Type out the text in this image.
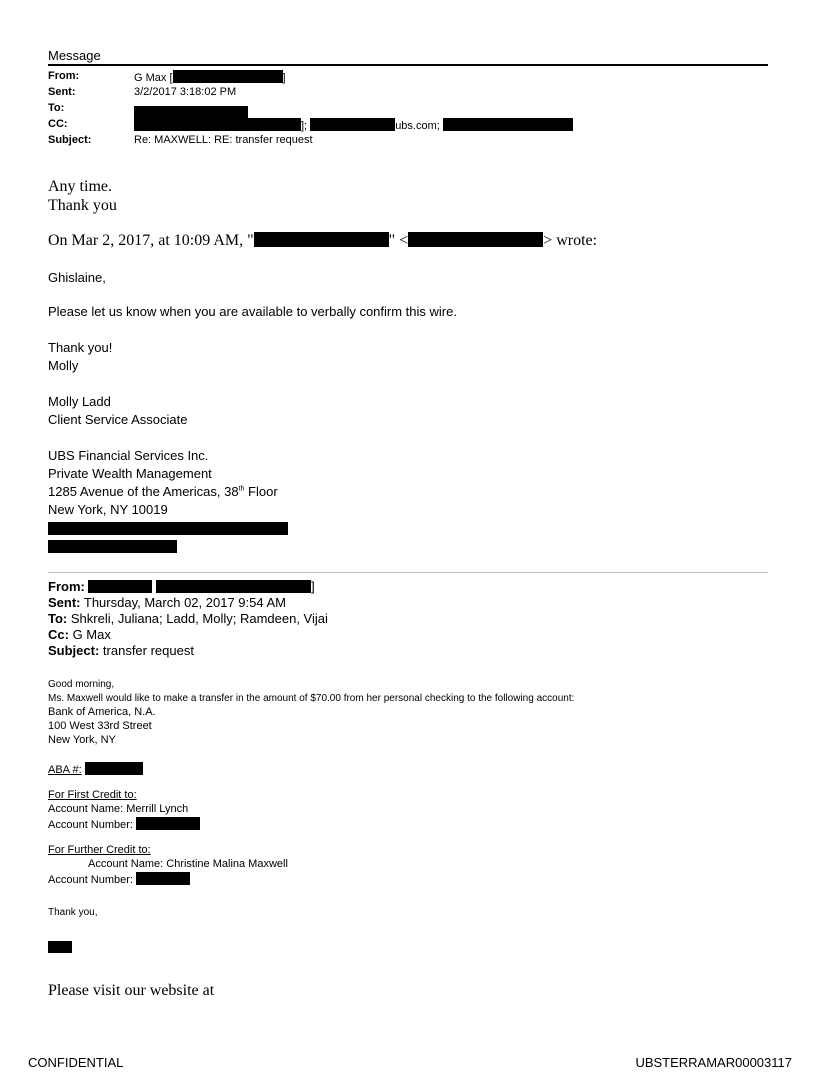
Message
From:	G Max [	]
Sent:	3/2/2017 3:18:02 PM
To:
CC:	];	ubs.com;
Subject:	Re: MAXWELL: RE: transfer request
Any time.
Thank you
On Mar 2, 2017, at 10:09 AM, "	" <	> wrote:
Ghislaine,
Please let us know when you are available to verbally confirm this wire.
Thank you!
Molly
Molly Ladd
Client Service Associate
UBS Financial Services Inc.
Private Wealth Management
1285 Avenue of the Americas, 38th Floor
New York, NY 10019
From:	]
Sent: Thursday, March 02, 2017 9:54 AM
To: Shkreli, Juliana; Ladd, Molly; Ramdeen, Vijai
Cc: G Max
Subject: transfer request
Good morning,
Ms. Maxwell would like to make a transfer in the amount of $70.00 from her personal checking to the following account:
Bank of America, N.A.
100 West 33rd Street
New York, NY
ABA #:
For First Credit to:
Account Name: Merrill Lynch
Account Number:
For Further Credit to:
Account Name: Christine Malina Maxwell
Account Number:
Thank you,
Please visit our website at
CONFIDENTIAL	UBSTERRAMAR00003117
